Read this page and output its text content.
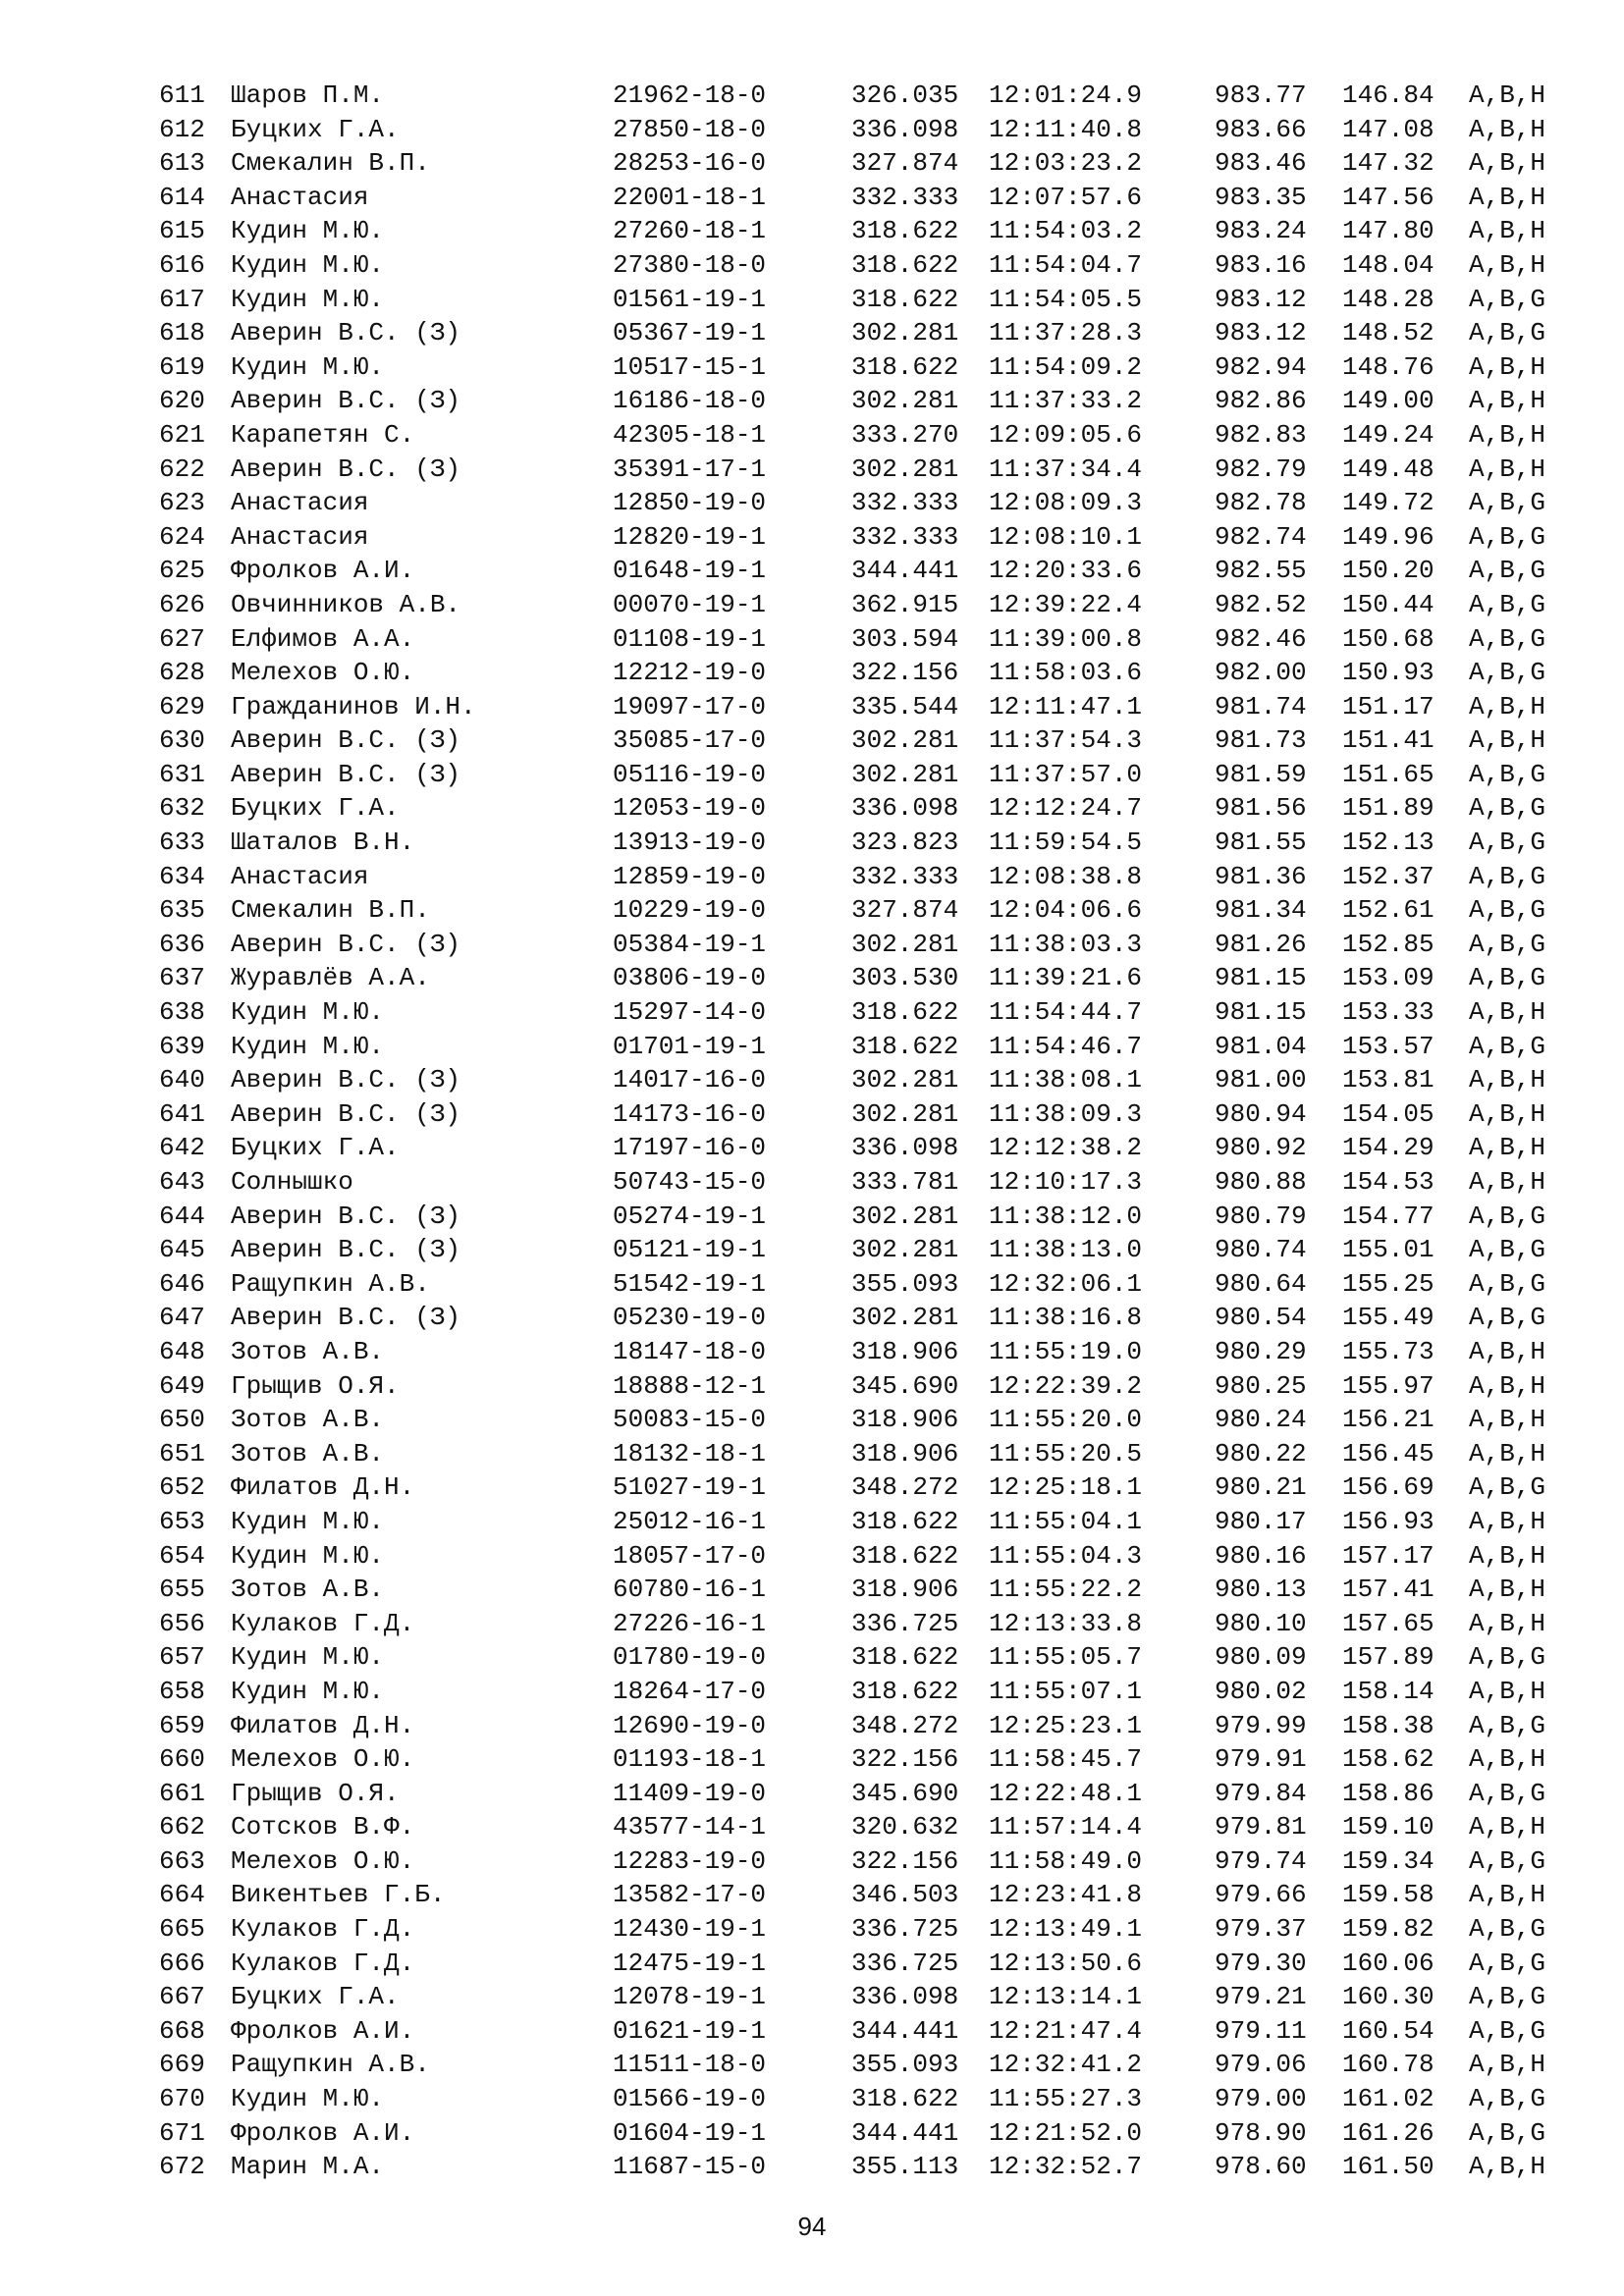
611 Шаров П.М.	21962-18-0	326.035 12:01:24.9	983.77 146.84 A,B,H
612 Буцких Г.А.	27850-18-0	336.098 12:11:40.8	983.66 147.08 A,B,H
613 Смекалин В.П.	28253-16-0	327.874 12:03:23.2	983.46 147.32 A,B,H
614 Анастасия	22001-18-1	332.333 12:07:57.6	983.35 147.56 A,B,H
615 Кудин М.Ю.	27260-18-1	318.622 11:54:03.2	983.24 147.80 A,B,H
616 Кудин М.Ю.	27380-18-0	318.622 11:54:04.7	983.16 148.04 A,B,H
617 Кудин М.Ю.	01561-19-1	318.622 11:54:05.5	983.12 148.28 A,B,G
618 Аверин В.С. (З)	05367-19-1	302.281 11:37:28.3	983.12 148.52 A,B,G
619 Кудин М.Ю.	10517-15-1	318.622 11:54:09.2	982.94 148.76 A,B,H
620 Аверин В.С. (З)	16186-18-0	302.281 11:37:33.2	982.86 149.00 A,B,H
621 Карапетян С.	42305-18-1	333.270 12:09:05.6	982.83 149.24 A,B,H
622 Аверин В.С. (З)	35391-17-1	302.281 11:37:34.4	982.79 149.48 A,B,H
623 Анастасия	12850-19-0	332.333 12:08:09.3	982.78 149.72 A,B,G
624 Анастасия	12820-19-1	332.333 12:08:10.1	982.74 149.96 A,B,G
625 Фролков А.И.	01648-19-1	344.441 12:20:33.6	982.55 150.20 A,B,G
626 Овчинников А.В.	00070-19-1	362.915 12:39:22.4	982.52 150.44 A,B,G
627 Елфимов А.А.	01108-19-1	303.594 11:39:00.8	982.46 150.68 A,B,G
628 Мелехов О.Ю.	12212-19-0	322.156 11:58:03.6	982.00 150.93 A,B,G
629 Гражданинов И.Н.	19097-17-0	335.544 12:11:47.1	981.74 151.17 A,B,H
630 Аверин В.С. (З)	35085-17-0	302.281 11:37:54.3	981.73 151.41 A,B,H
631 Аверин В.С. (З)	05116-19-0	302.281 11:37:57.0	981.59 151.65 A,B,G
632 Буцких Г.А.	12053-19-0	336.098 12:12:24.7	981.56 151.89 A,B,G
633 Шаталов В.Н.	13913-19-0	323.823 11:59:54.5	981.55 152.13 A,B,G
634 Анастасия	12859-19-0	332.333 12:08:38.8	981.36 152.37 A,B,G
635 Смекалин В.П.	10229-19-0	327.874 12:04:06.6	981.34 152.61 A,B,G
636 Аверин В.С. (З)	05384-19-1	302.281 11:38:03.3	981.26 152.85 A,B,G
637 Журавлёв А.А.	03806-19-0	303.530 11:39:21.6	981.15 153.09 A,B,G
638 Кудин М.Ю.	15297-14-0	318.622 11:54:44.7	981.15 153.33 A,B,H
639 Кудин М.Ю.	01701-19-1	318.622 11:54:46.7	981.04 153.57 A,B,G
640 Аверин В.С. (З)	14017-16-0	302.281 11:38:08.1	981.00 153.81 A,B,H
641 Аверин В.С. (З)	14173-16-0	302.281 11:38:09.3	980.94 154.05 A,B,H
642 Буцких Г.А.	17197-16-0	336.098 12:12:38.2	980.92 154.29 A,B,H
643 Солнышко	50743-15-0	333.781 12:10:17.3	980.88 154.53 A,B,H
644 Аверин В.С. (З)	05274-19-1	302.281 11:38:12.0	980.79 154.77 A,B,G
645 Аверин В.С. (З)	05121-19-1	302.281 11:38:13.0	980.74 155.01 A,B,G
646 Ращупкин А.В.	51542-19-1	355.093 12:32:06.1	980.64 155.25 A,B,G
647 Аверин В.С. (З)	05230-19-0	302.281 11:38:16.8	980.54 155.49 A,B,G
648 Зотов А.В.	18147-18-0	318.906 11:55:19.0	980.29 155.73 A,B,H
649 Грыщив О.Я.	18888-12-1	345.690 12:22:39.2	980.25 155.97 A,B,H
650 Зотов А.В.	50083-15-0	318.906 11:55:20.0	980.24 156.21 A,B,H
651 Зотов А.В.	18132-18-1	318.906 11:55:20.5	980.22 156.45 A,B,H
652 Филатов Д.Н.	51027-19-1	348.272 12:25:18.1	980.21 156.69 A,B,G
653 Кудин М.Ю.	25012-16-1	318.622 11:55:04.1	980.17 156.93 A,B,H
654 Кудин М.Ю.	18057-17-0	318.622 11:55:04.3	980.16 157.17 A,B,H
655 Зотов А.В.	60780-16-1	318.906 11:55:22.2	980.13 157.41 A,B,H
656 Кулаков Г.Д.	27226-16-1	336.725 12:13:33.8	980.10 157.65 A,B,H
657 Кудин М.Ю.	01780-19-0	318.622 11:55:05.7	980.09 157.89 A,B,G
658 Кудин М.Ю.	18264-17-0	318.622 11:55:07.1	980.02 158.14 A,B,H
659 Филатов Д.Н.	12690-19-0	348.272 12:25:23.1	979.99 158.38 A,B,G
660 Мелехов О.Ю.	01193-18-1	322.156 11:58:45.7	979.91 158.62 A,B,H
661 Грыщив О.Я.	11409-19-0	345.690 12:22:48.1	979.84 158.86 A,B,G
662 Сотсков В.Ф.	43577-14-1	320.632 11:57:14.4	979.81 159.10 A,B,H
663 Мелехов О.Ю.	12283-19-0	322.156 11:58:49.0	979.74 159.34 A,B,G
664 Викентьев Г.Б.	13582-17-0	346.503 12:23:41.8	979.66 159.58 A,B,H
665 Кулаков Г.Д.	12430-19-1	336.725 12:13:49.1	979.37 159.82 A,B,G
666 Кулаков Г.Д.	12475-19-1	336.725 12:13:50.6	979.30 160.06 A,B,G
667 Буцких Г.А.	12078-19-1	336.098 12:13:14.1	979.21 160.30 A,B,G
668 Фролков А.И.	01621-19-1	344.441 12:21:47.4	979.11 160.54 A,B,G
669 Ращупкин А.В.	11511-18-0	355.093 12:32:41.2	979.06 160.78 A,B,H
670 Кудин М.Ю.	01566-19-0	318.622 11:55:27.3	979.00 161.02 A,B,G
671 Фролков А.И.	01604-19-1	344.441 12:21:52.0	978.90 161.26 A,B,G
672 Марин М.А.	11687-15-0	355.113 12:32:52.7	978.60 161.50 A,B,H
94
